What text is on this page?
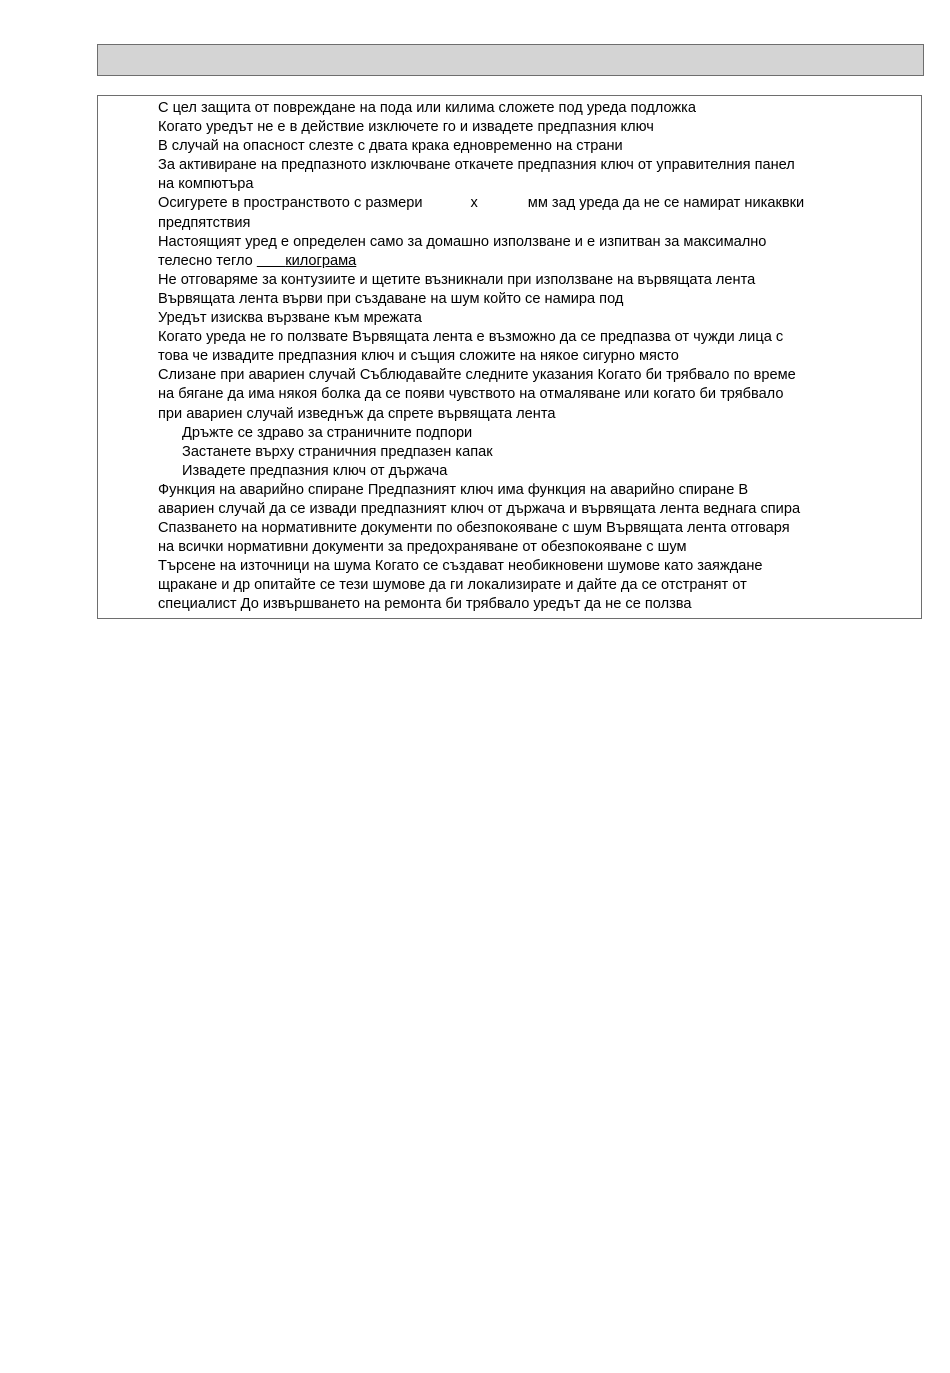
С цел защита от повреждане на пода или килима сложете под уреда подложка
Когато уредът не е в действие изключете го и извадете предпазния ключ
В случай на опасност слезте с двата крака едновременно на страни
За активиране на предпазното изключване откачете предпазния ключ от управителния панел
на компютъра
Осигурете в пространството с размери	x	мм зад уреда да не се намират никаквки
предпятствия
Настоящият уред е определен само за домашно използване и е изпитван за максимално
телесно тегло килограма
Не отговаряме за контузиите и щетите възникнали при използване на вървящата лента
Вървящата лента върви при създаване на шум който се намира под
Уредът изисква вързване към мрежата
Когато уреда не го ползвате Вървящата лента е възможно да се предпазва от чужди лица с
това че извадите предпазния ключ и същия сложите на някое сигурно място
Слизане при авариен случай Съблюдавайте следните указания Когато би трябвало по време
на бягане да има някоя болка да се появи чувството на отмаляване или когато би трябвало
при авариен случай изведнъж да спрете вървящата лента
Дръжте се здраво за страничните подпори
Застанете върху страничния предпазен капак
Извадете предпазния ключ от държача
Функция на аварийно спиране Предпазният ключ има функция на аварийно спиране В
авариен случай да се извади предпазният ключ от държача и вървящата лента веднага спира
Спазването на нормативните документи по обезпокояване с шум Вървящата лента отговаря
на всички нормативни документи за предохраняване от обезпокояване с шум
Търсене на източници на шума Когато се създават необикновени шумове като заяждане
щракане и др опитайте се тези шумове да ги локализирате и дайте да се отстранят от
специалист До извършването на ремонта би трябвало уредът да не се ползва
